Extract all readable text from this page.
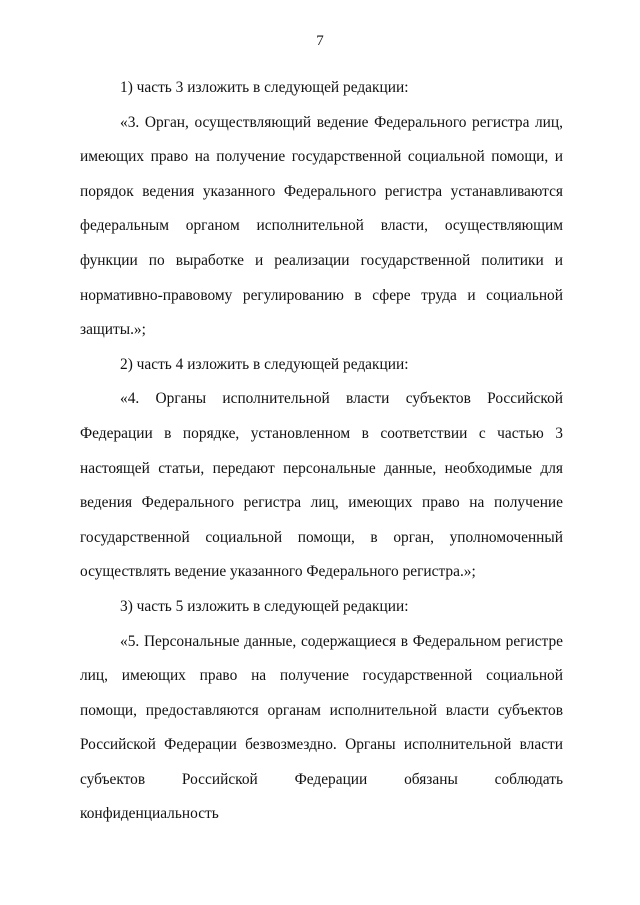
7

1) часть 3 изложить в следующей редакции:

«3. Орган, осуществляющий ведение Федерального регистра лиц, имеющих право на получение государственной социальной помощи, и порядок ведения указанного Федерального регистра устанавливаются федеральным органом исполнительной власти, осуществляющим функции по выработке и реализации государственной политики и нормативно-правовому регулированию в сфере труда и социальной защиты.»;

2) часть 4 изложить в следующей редакции:

«4. Органы исполнительной власти субъектов Российской Федерации в порядке, установленном в соответствии с частью 3 настоящей статьи, передают персональные данные, необходимые для ведения Федерального регистра лиц, имеющих право на получение государственной социальной помощи, в орган, уполномоченный осуществлять ведение указанного Федерального регистра.»;

3) часть 5 изложить в следующей редакции:

«5. Персональные данные, содержащиеся в Федеральном регистре лиц, имеющих право на получение государственной социальной помощи, предоставляются органам исполнительной власти субъектов Российской Федерации безвозмездно. Органы исполнительной власти субъектов Российской Федерации обязаны соблюдать конфиденциальность
